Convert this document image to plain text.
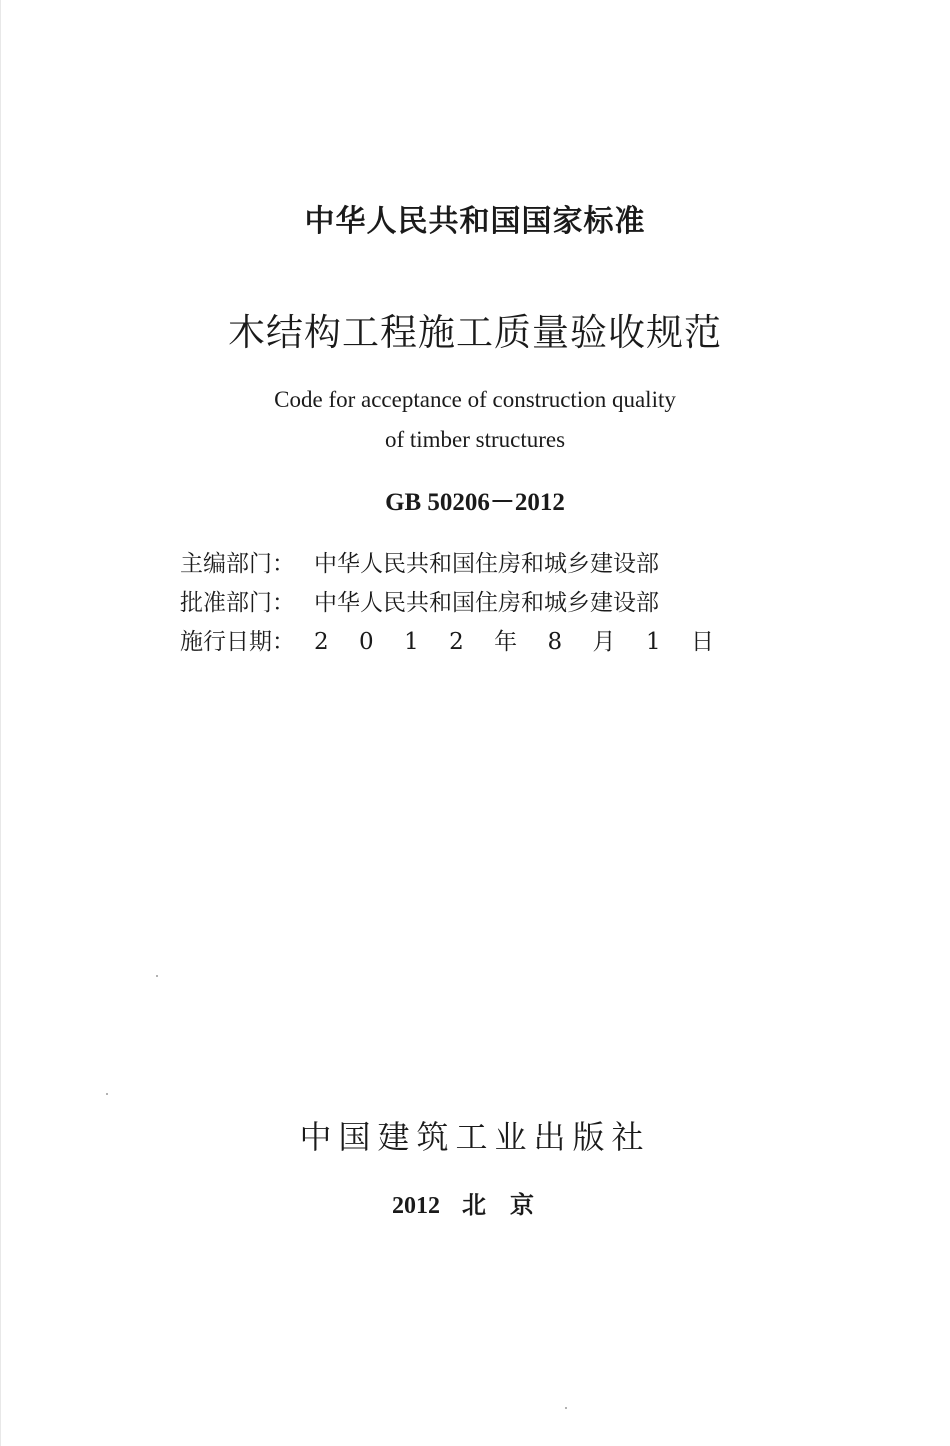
中华人民共和国国家标准
木结构工程施工质量验收规范
Code for acceptance of construction quality
of timber structures
GB 50206－2012
主编部门： 中华人民共和国住房和城乡建设部
批准部门： 中华人民共和国住房和城乡建设部
施行日期： 2 0 1 2 年 8 月 1 日
中国建筑工业出版社
2012 北京
